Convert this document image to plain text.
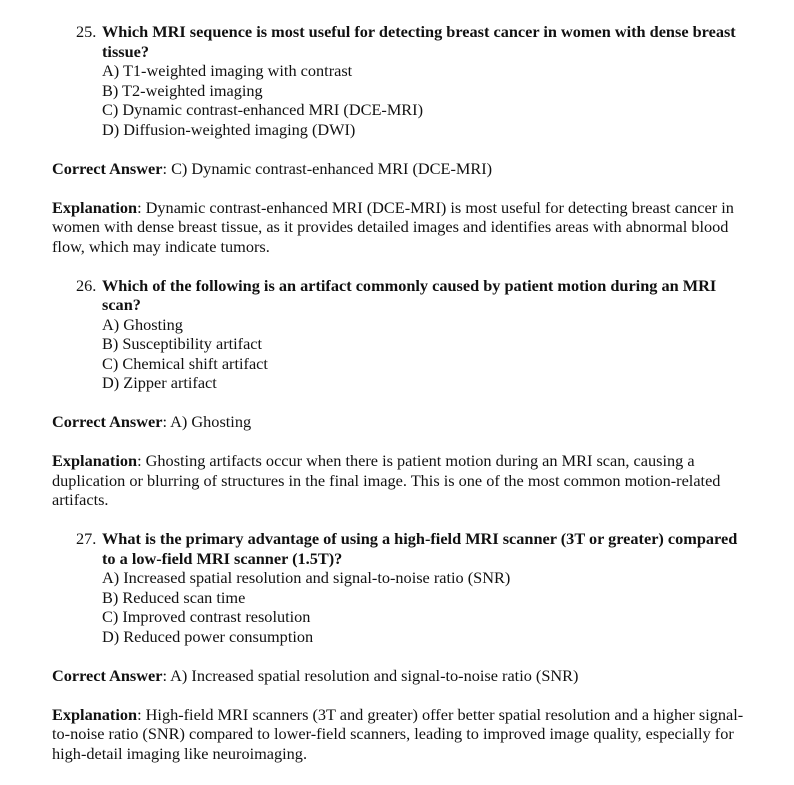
25. Which MRI sequence is most useful for detecting breast cancer in women with dense breast tissue?
A) T1-weighted imaging with contrast
B) T2-weighted imaging
C) Dynamic contrast-enhanced MRI (DCE-MRI)
D) Diffusion-weighted imaging (DWI)
Correct Answer: C) Dynamic contrast-enhanced MRI (DCE-MRI)
Explanation: Dynamic contrast-enhanced MRI (DCE-MRI) is most useful for detecting breast cancer in women with dense breast tissue, as it provides detailed images and identifies areas with abnormal blood flow, which may indicate tumors.
26. Which of the following is an artifact commonly caused by patient motion during an MRI scan?
A) Ghosting
B) Susceptibility artifact
C) Chemical shift artifact
D) Zipper artifact
Correct Answer: A) Ghosting
Explanation: Ghosting artifacts occur when there is patient motion during an MRI scan, causing a duplication or blurring of structures in the final image. This is one of the most common motion-related artifacts.
27. What is the primary advantage of using a high-field MRI scanner (3T or greater) compared to a low-field MRI scanner (1.5T)?
A) Increased spatial resolution and signal-to-noise ratio (SNR)
B) Reduced scan time
C) Improved contrast resolution
D) Reduced power consumption
Correct Answer: A) Increased spatial resolution and signal-to-noise ratio (SNR)
Explanation: High-field MRI scanners (3T and greater) offer better spatial resolution and a higher signal-to-noise ratio (SNR) compared to lower-field scanners, leading to improved image quality, especially for high-detail imaging like neuroimaging.
